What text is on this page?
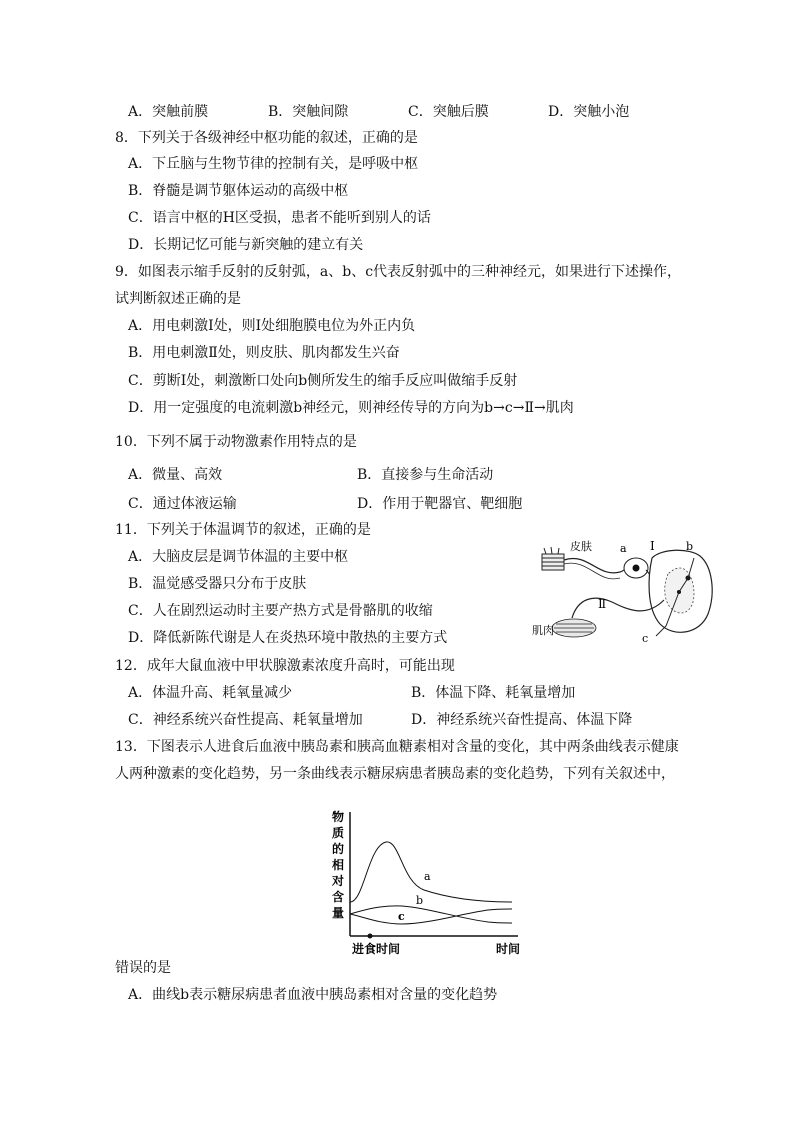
A．突触前膜	B．突触间隙	C．突触后膜	D．突触小泡
8．下列关于各级神经中枢功能的叙述，正确的是
A．下丘脑与生物节律的控制有关，是呼吸中枢
B．脊髓是调节躯体运动的高级中枢
C．语言中枢的H区受损，患者不能听到别人的话
D．长期记忆可能与新突触的建立有关
9．如图表示缩手反射的反射弧，a、b、c代表反射弧中的三种神经元，如果进行下述操作，
试判断叙述正确的是
A．用电刺激Ⅰ处，则Ⅰ处细胞膜电位为外正内负
B．用电刺激Ⅱ处，则皮肤、肌肉都发生兴奋
C．剪断Ⅰ处，刺激断口处向b侧所发生的缩手反应叫做缩手反射
D．用一定强度的电流刺激b神经元，则神经传导的方向为b→c→Ⅱ→肌肉
10．下列不属于动物激素作用特点的是
A．微量、高效	B．直接参与生命活动
C．通过体液运输	D．作用于靶器官、靶细胞
11．下列关于体温调节的叙述，正确的是
A．大脑皮层是调节体温的主要中枢
B．温觉感受器只分布于皮肤
C．人在剧烈运动时主要产热方式是骨骼肌的收缩
D．降低新陈代谢是人在炎热环境中散热的主要方式
皮肤
肌肉
a Ⅰ	b
Ⅱ
c
12．成年大鼠血液中甲状腺激素浓度升高时，可能出现
A．体温升高、耗氧量减少	B．体温下降、耗氧量增加
C．神经系统兴奋性提高、耗氧量增加	D．神经系统兴奋性提高、体温下降
13．下图表示人进食后血液中胰岛素和胰高血糖素相对含量的变化，其中两条曲线表示健康
人两种激素的变化趋势，另一条曲线表示糖尿病患者胰岛素的变化趋势，下列有关叙述中，
物
质
的
相
对
含
量
a
b
c
进食时间	时间
错误的是
A．曲线b表示糖尿病患者血液中胰岛素相对含量的变化趋势
